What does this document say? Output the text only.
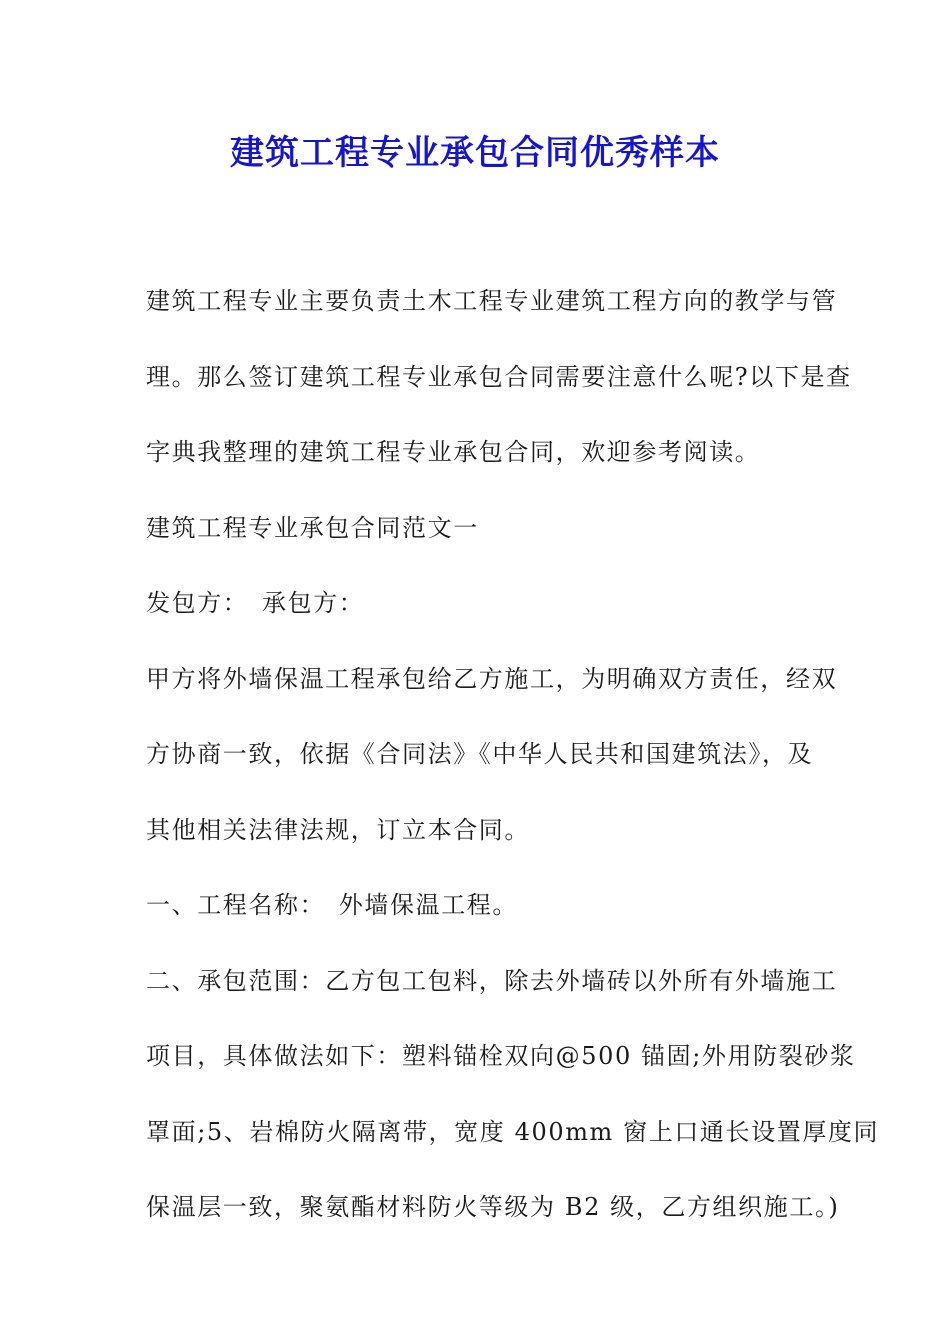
建筑工程专业承包合同优秀样本
建筑工程专业主要负责土木工程专业建筑工程方向的教学与管
理。那么签订建筑工程专业承包合同需要注意什么呢?以下是查
字典我整理的建筑工程专业承包合同，欢迎参考阅读。
建筑工程专业承包合同范文一
发包方：　承包方：
甲方将外墙保温工程承包给乙方施工，为明确双方责任，经双
方协商一致，依据《合同法》《中华人民共和国建筑法》，及
其他相关法律法规，订立本合同。
一、工程名称：　外墙保温工程。
二、承包范围：乙方包工包料，除去外墙砖以外所有外墙施工
项目，具体做法如下：塑料锚栓双向@500 锚固;外用防裂砂浆
罩面;5、岩棉防火隔离带，宽度 400mm 窗上口通长设置厚度同
保温层一致，聚氨酯材料防火等级为 B2 级，乙方组织施工。)
